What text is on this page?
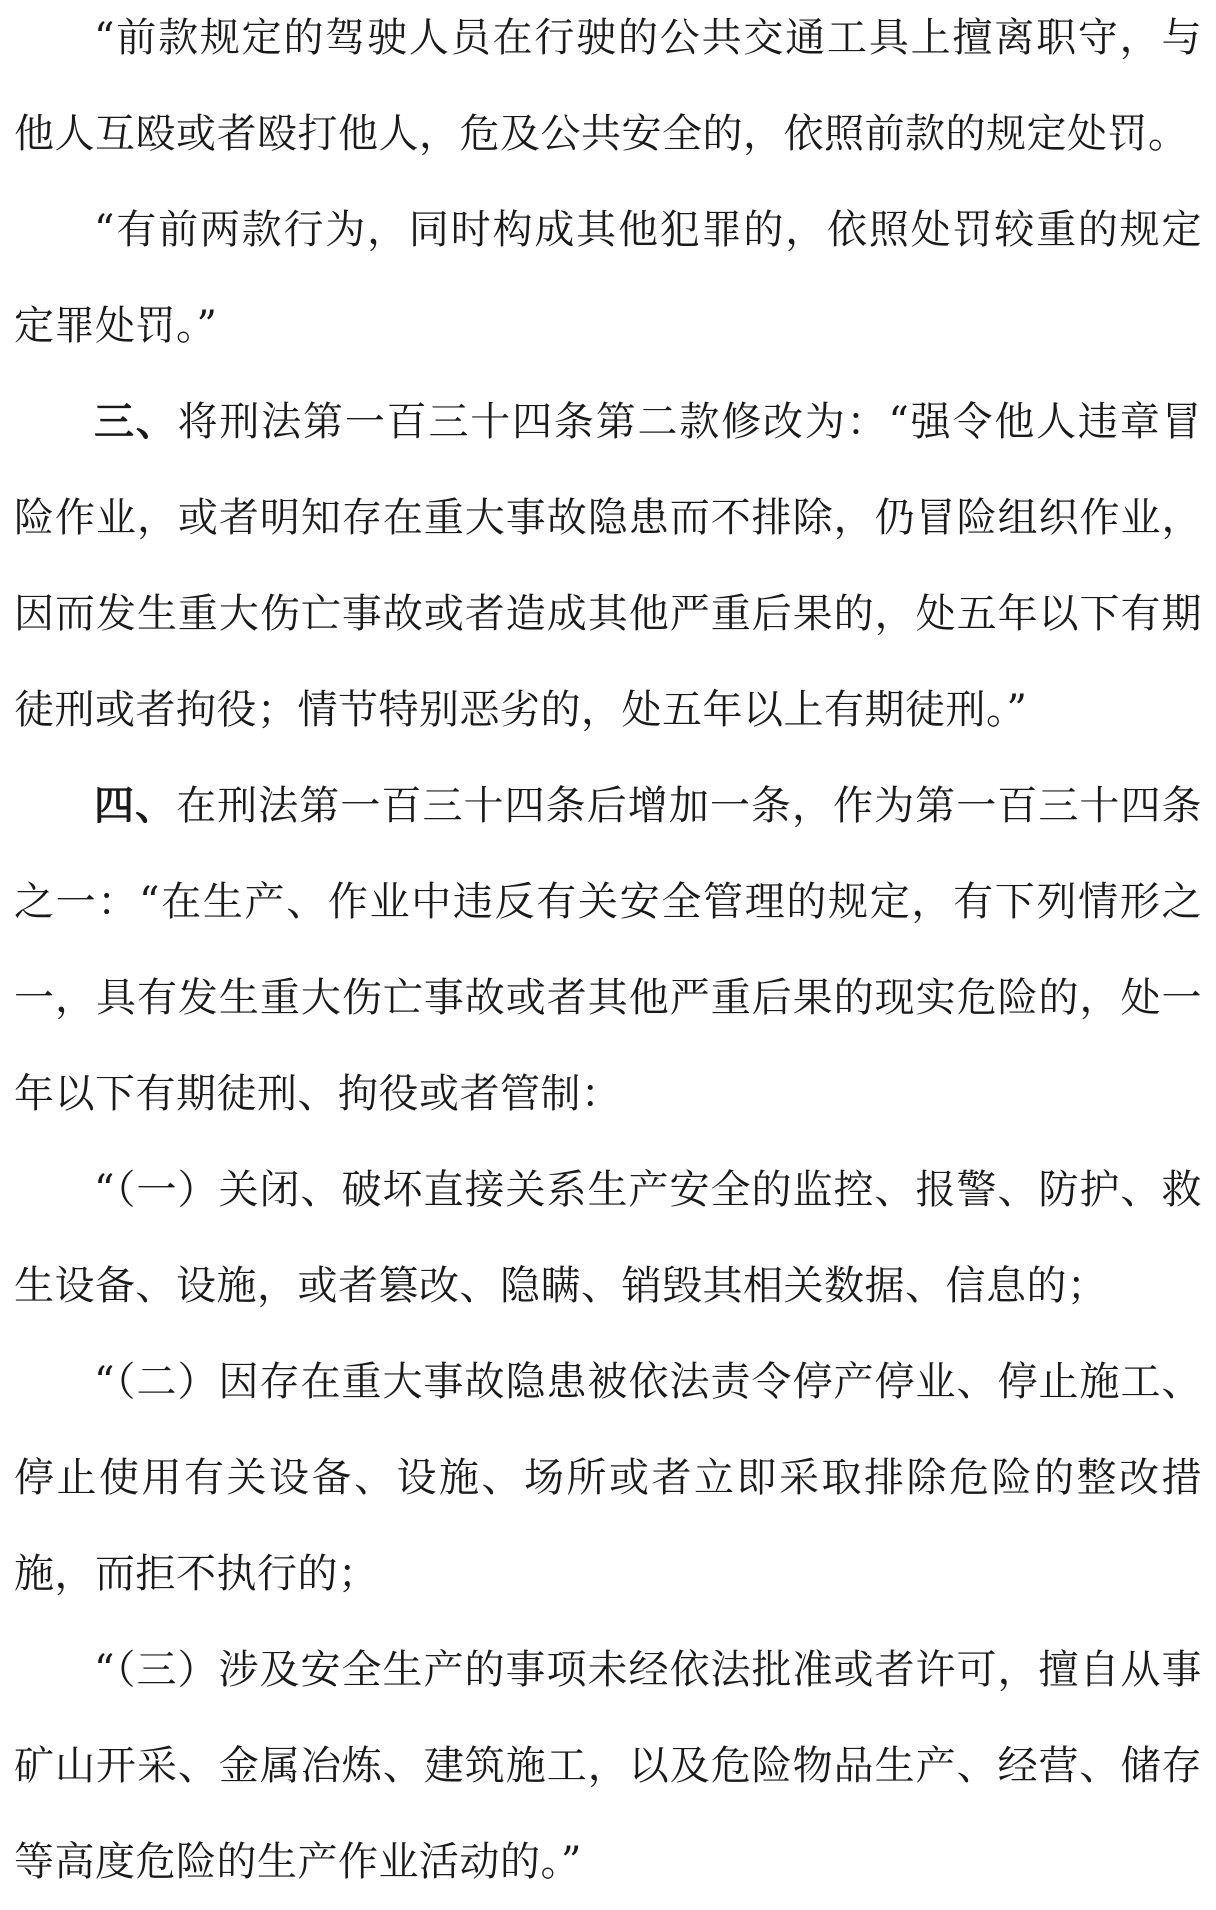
“前款规定的驾驶人员在行驶的公共交通工具上擅离职守，与他人互殴或者殴打他人，危及公共安全的，依照前款的规定处罚。

“有前两款行为，同时构成其他犯罪的，依照处罚较重的规定定罪处罚。”

三、将刑法第一百三十四条第二款修改为：“强令他人违章冒险作业，或者明知存在重大事故隐患而不排除，仍冒险组织作业，因而发生重大伤亡事故或者造成其他严重后果的，处五年以下有期徒刑或者拘役；情节特别恶劣的，处五年以上有期徒刑。”

四、在刑法第一百三十四条后增加一条，作为第一百三十四条之一：“在生产、作业中违反有关安全管理的规定，有下列情形之一，具有发生重大伤亡事故或者其他严重后果的现实危险的，处一年以下有期徒刑、拘役或者管制：

“（一）关闭、破坏直接关系生产安全的监控、报警、防护、救生设备、设施，或者篡改、隐瞒、销毁其相关数据、信息的；

“（二）因存在重大事故隐患被依法责令停产停业、停止施工、停止使用有关设备、设施、场所或者立即采取排除危险的整改措施，而拒不执行的；

“（三）涉及安全生产的事项未经依法批准或者许可，擅自从事矿山开采、金属冶炼、建筑施工，以及危险物品生产、经营、储存等高度危险的生产作业活动的。”
